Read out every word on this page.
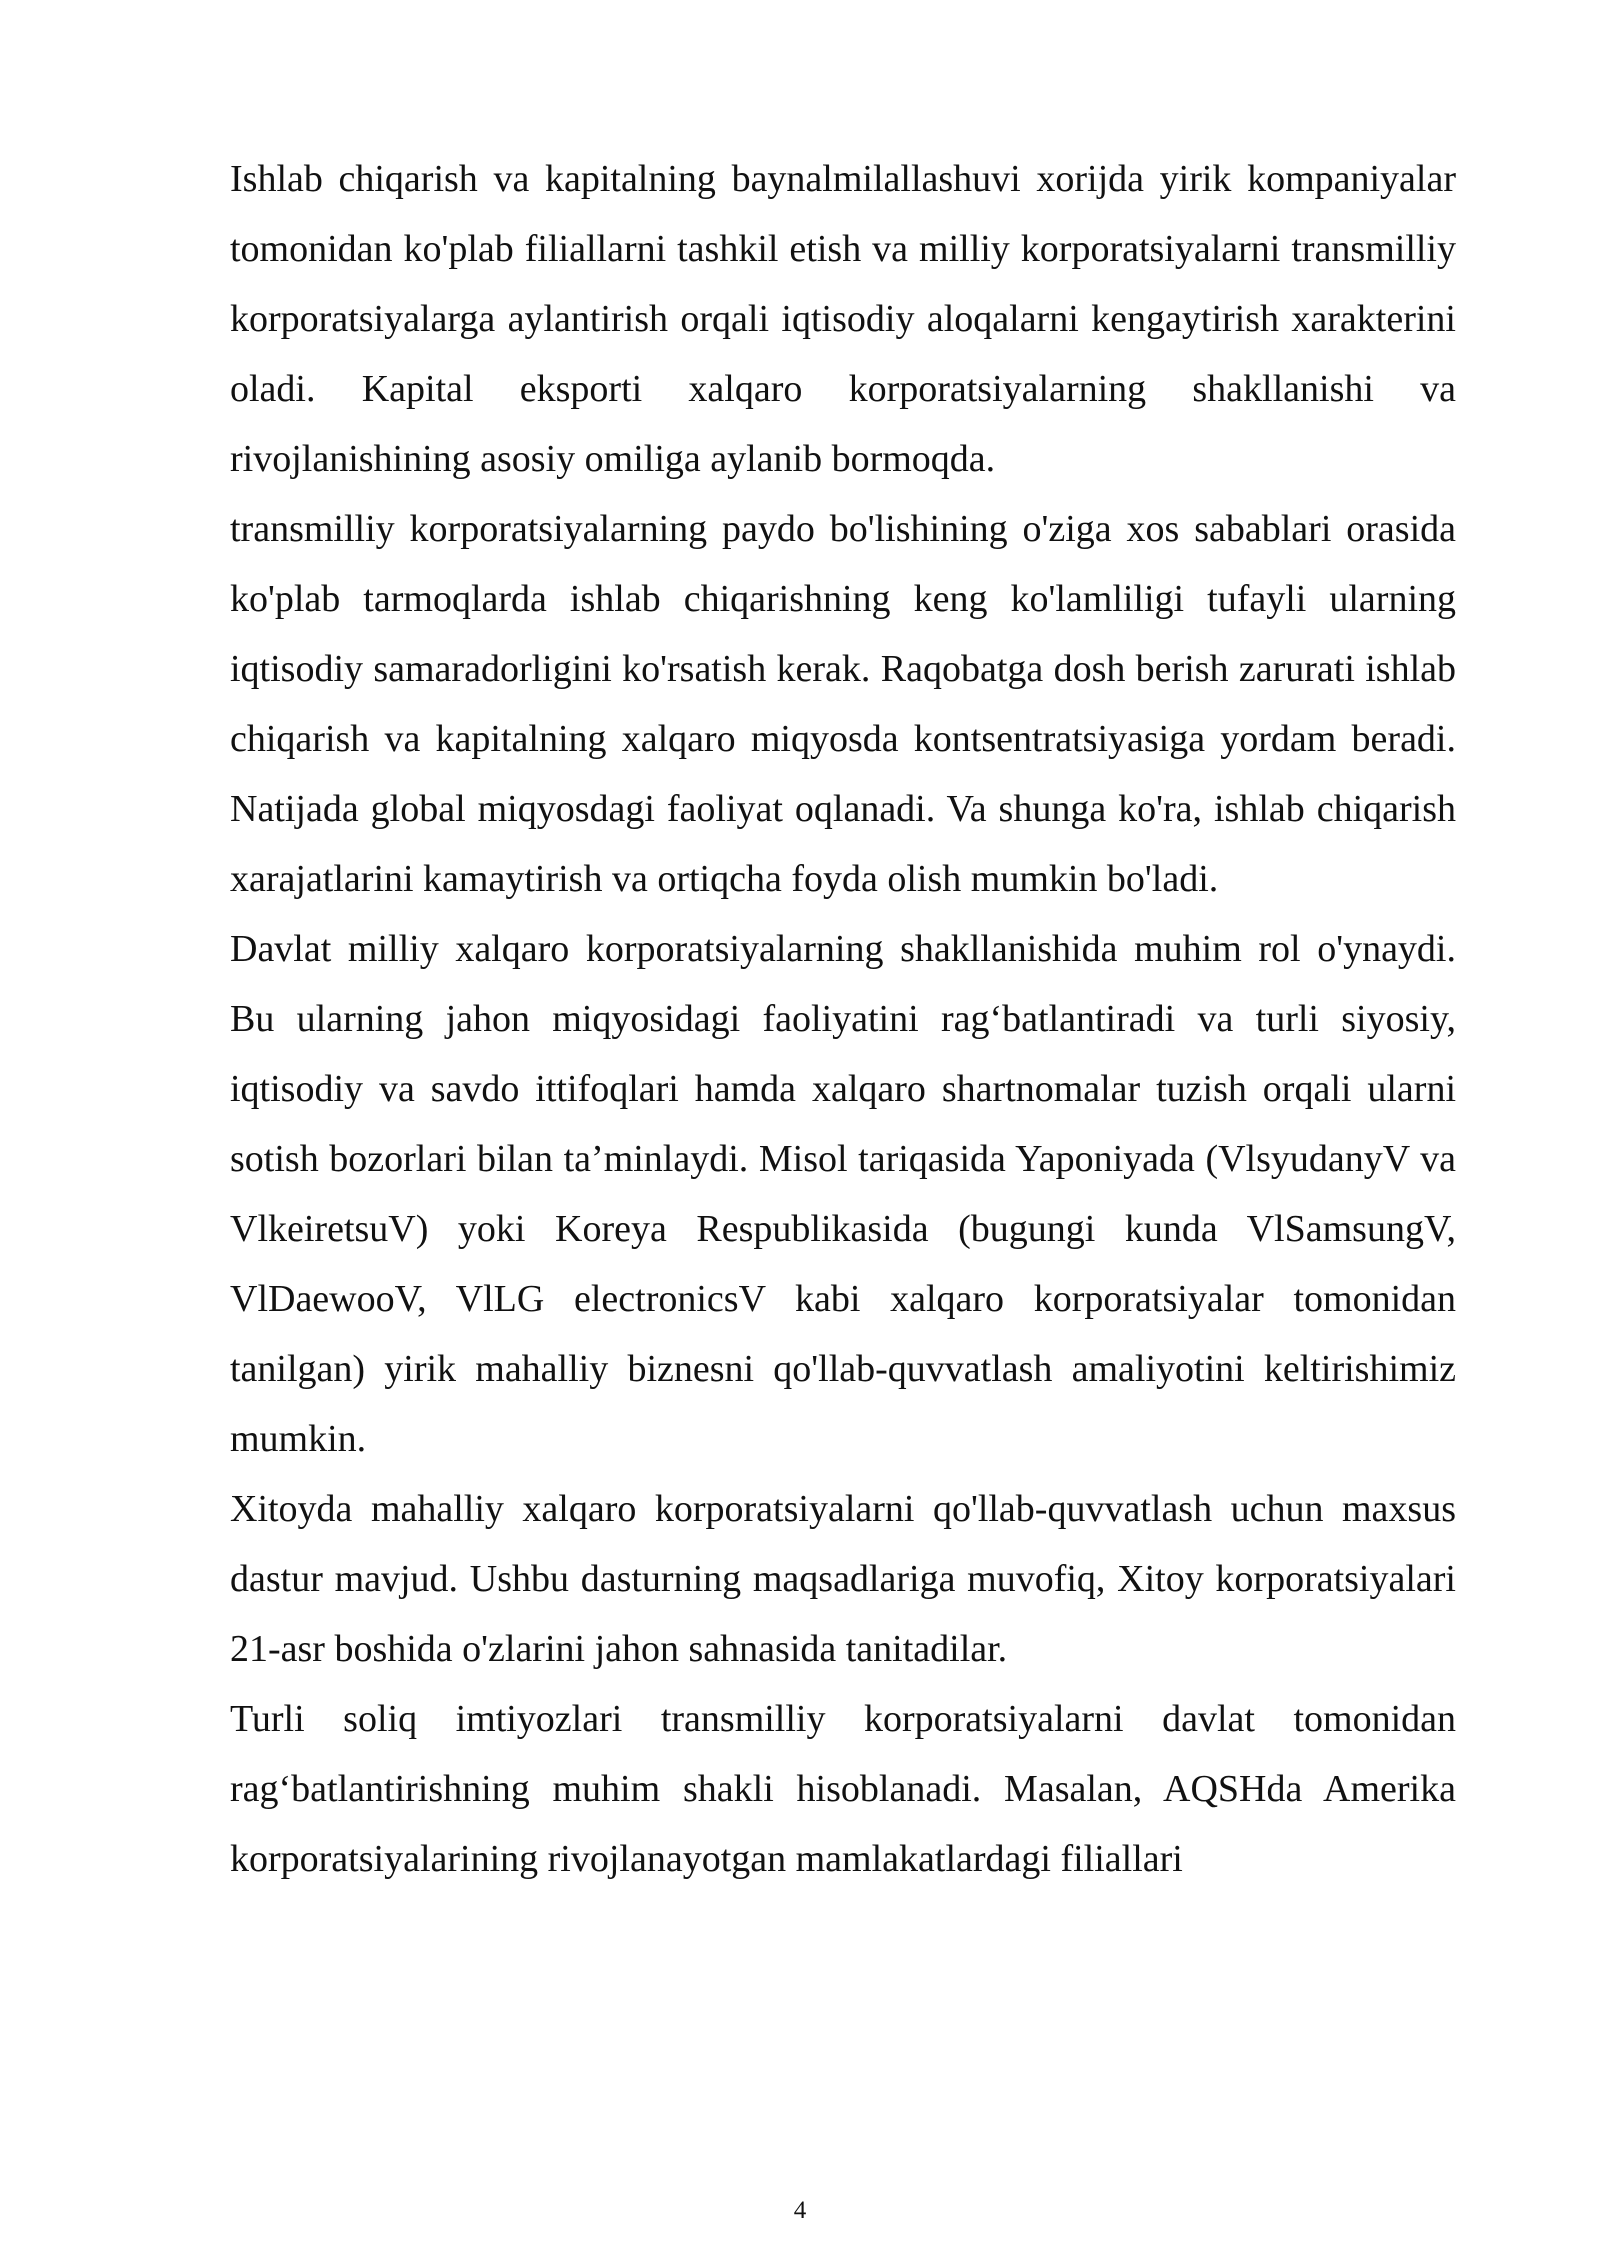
Ishlab chiqarish va kapitalning baynalmilallashuvi xorijda yirik kompaniyalar tomonidan ko'plab filiallarni tashkil etish va milliy korporatsiyalarni transmilliy korporatsiyalarga aylantirish orqali iqtisodiy aloqalarni kengaytirish xarakterini oladi. Kapital eksporti xalqaro korporatsiyalarning shakllanishi va rivojlanishining asosiy omiliga aylanib bormoqda.

transmilliy korporatsiyalarning paydo bo'lishining o'ziga xos sabablari orasida ko'plab tarmoqlarda ishlab chiqarishning keng ko'lamliligi tufayli ularning iqtisodiy samaradorligini ko'rsatish kerak. Raqobatga dosh berish zarurati ishlab chiqarish va kapitalning xalqaro miqyosda kontsentratsiyasiga yordam beradi. Natijada global miqyosdagi faoliyat oqlanadi. Va shunga ko'ra, ishlab chiqarish xarajatlarini kamaytirish va ortiqcha foyda olish mumkin bo'ladi.

Davlat milliy xalqaro korporatsiyalarning shakllanishida muhim rol o'ynaydi. Bu ularning jahon miqyosidagi faoliyatini rag‘batlantiradi va turli siyosiy, iqtisodiy va savdo ittifoqlari hamda xalqaro shartnomalar tuzish orqali ularni sotish bozorlari bilan ta’minlaydi. Misol tariqasida Yaponiyada (VlsyudanyV va VlkeiretsuV) yoki Koreya Respublikasida (bugungi kunda VlSamsungV, VlDaewooV, VlLG electronicsV kabi xalqaro korporatsiyalar tomonidan tanilgan) yirik mahalliy biznesni qo'llab-quvvatlash amaliyotini keltirishimiz mumkin.

Xitoyda mahalliy xalqaro korporatsiyalarni qo'llab-quvvatlash uchun maxsus dastur mavjud. Ushbu dasturning maqsadlariga muvofiq, Xitoy korporatsiyalari 21-asr boshida o'zlarini jahon sahnasida tanitadilar.

Turli soliq imtiyozlari transmilliy korporatsiyalarni davlat tomonidan rag‘batlantirishning muhim shakli hisoblanadi. Masalan, AQSHda Amerika korporatsiyalarining rivojlanayotgan mamlakatlardagi filiallari

4
